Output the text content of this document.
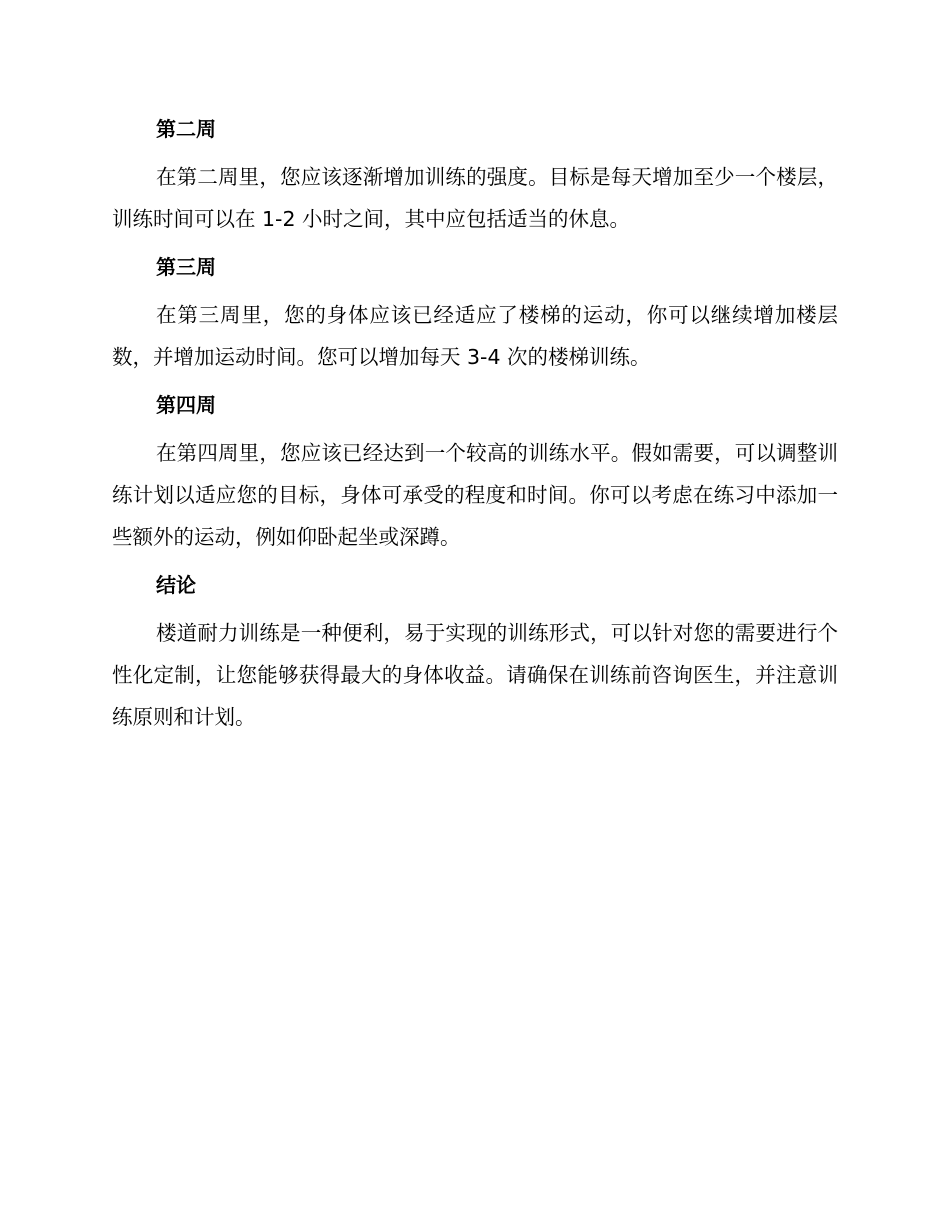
第二周

在第二周里，您应该逐渐增加训练的强度。目标是每天增加至少一个楼层，训练时间可以在 1-2 小时之间，其中应包括适当的休息。

第三周

在第三周里，您的身体应该已经适应了楼梯的运动，你可以继续增加楼层数，并增加运动时间。您可以增加每天 3-4 次的楼梯训练。

第四周

在第四周里，您应该已经达到一个较高的训练水平。假如需要，可以调整训练计划以适应您的目标，身体可承受的程度和时间。你可以考虑在练习中添加一些额外的运动，例如仰卧起坐或深蹲。

结论

楼道耐力训练是一种便利，易于实现的训练形式，可以针对您的需要进行个性化定制，让您能够获得最大的身体收益。请确保在训练前咨询医生，并注意训练原则和计划。
